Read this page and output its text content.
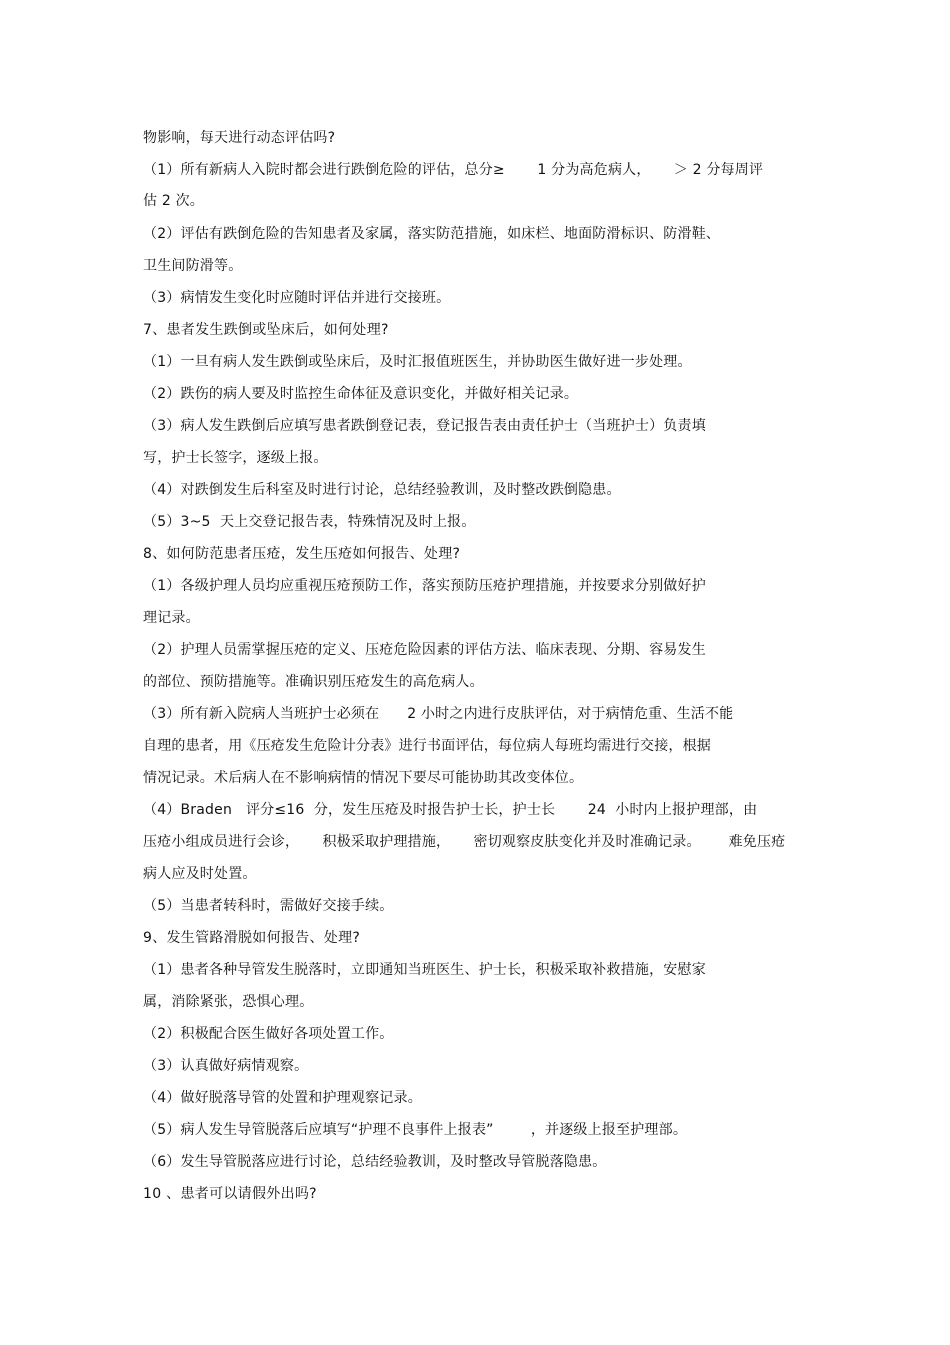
物影响，每天进行动态评估吗?
（1）所有新病人入院时都会进行跌倒危险的评估，总分≥       1 分为高危病人，     ＞ 2 分每周评
估 2 次。
（2）评估有跌倒危险的告知患者及家属，落实防范措施，如床栏、地面防滑标识、防滑鞋、
卫生间防滑等。
（3）病情发生变化时应随时评估并进行交接班。
7、患者发生跌倒或坠床后，如何处理?
（1）一旦有病人发生跌倒或坠床后，及时汇报值班医生，并协助医生做好进一步处理。
（2）跌伤的病人要及时监控生命体征及意识变化，并做好相关记录。
（3）病人发生跌倒后应填写患者跌倒登记表，登记报告表由责任护士（当班护士）负责填
写，护士长签字，逐级上报。
（4）对跌倒发生后科室及时进行讨论，总结经验教训，及时整改跌倒隐患。
（5）3~5  天上交登记报告表，特殊情况及时上报。
8、如何防范患者压疮，发生压疮如何报告、处理?
（1）各级护理人员均应重视压疮预防工作，落实预防压疮护理措施，并按要求分别做好护
理记录。
（2）护理人员需掌握压疮的定义、压疮危险因素的评估方法、临床表现、分期、容易发生
的部位、预防措施等。准确识别压疮发生的高危病人。
（3）所有新入院病人当班护士必须在      2 小时之内进行皮肤评估，对于病情危重、生活不能
自理的患者，用《压疮发生危险计分表》进行书面评估，每位病人每班均需进行交接，根据
情况记录。术后病人在不影响病情的情况下要尽可能协助其改变体位。
（4）Braden   评分≤16  分，发生压疮及时报告护士长，护士长       24  小时内上报护理部，由
压疮小组成员进行会诊，     积极采取护理措施，     密切观察皮肤变化并及时准确记录。      难免压疮
病人应及时处置。
（5）当患者转科时，需做好交接手续。
9、发生管路滑脱如何报告、处理?
（1）患者各种导管发生脱落时，立即通知当班医生、护士长，积极采取补救措施，安慰家
属，消除紧张，恐惧心理。
（2）积极配合医生做好各项处置工作。
（3）认真做好病情观察。
（4）做好脱落导管的处置和护理观察记录。
（5）病人发生导管脱落后应填写“护理不良事件上报表”        ，并逐级上报至护理部。
（6）发生导管脱落应进行讨论，总结经验教训，及时整改导管脱落隐患。
10 、患者可以请假外出吗?
